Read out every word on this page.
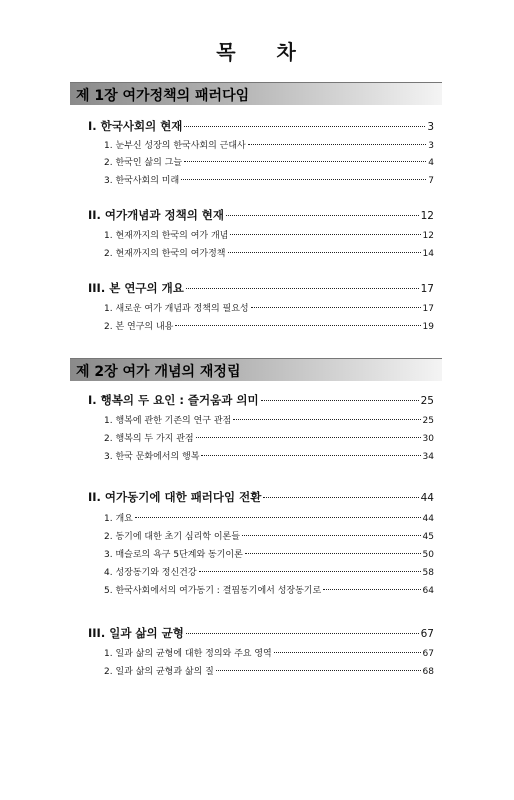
목 차
제 1장 여가정책의 패러다임
I. 한국사회의 현재	3
1. 눈부신 성장의 한국사회의 근대사	3
2. 한국인 삶의 그늘	4
3. 한국사회의 미래	7
II. 여가개념과 정책의 현재	12
1. 현재까지의 한국의 여가 개념	12
2. 현재까지의 한국의 여가정책	14
III. 본 연구의 개요	17
1. 새로운 여가 개념과 정책의 필요성	17
2. 본 연구의 내용	19
제 2장 여가 개념의 재정립
I. 행복의 두 요인 : 즐거움과 의미	25
1. 행복에 관한 기존의 연구 관점	25
2. 행복의 두 가지 관점	30
3. 한국 문화에서의 행복	34
II. 여가동기에 대한 패러다임 전환	44
1. 개요	44
2. 동기에 대한 초기 심리학 이론들	45
3. 매슬로의 욕구 5단계와 동기이론	50
4. 성장동기와 정신건강	58
5. 한국사회에서의 여가동기 : 결핍동기에서 성장동기로	64
III. 일과 삶의 균형	67
1. 일과 삶의 균형에 대한 정의와 주요 영역	67
2. 일과 삶의 균형과 삶의 질	68
